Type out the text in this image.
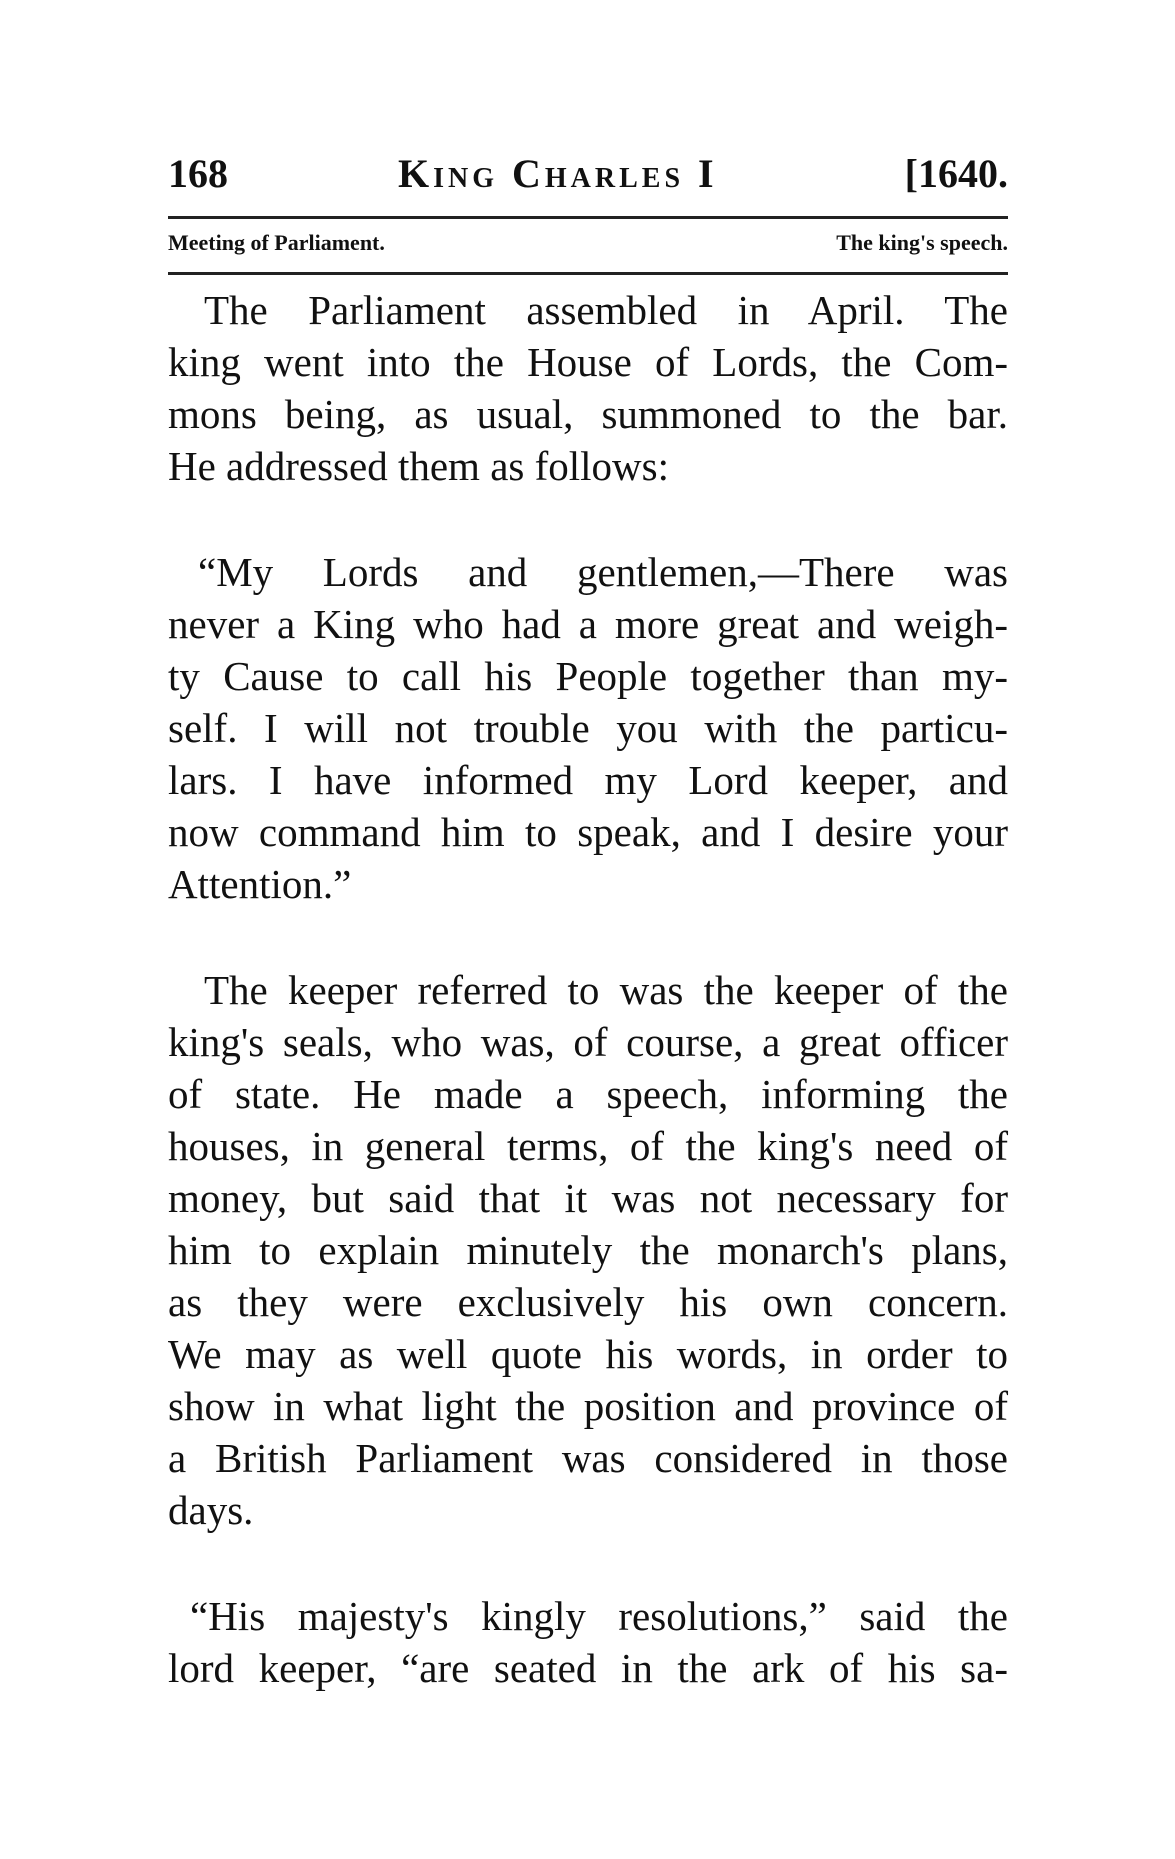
168	King Charles I	[1640.
Meeting of Parliament.	The king's speech.
The Parliament assembled in April. The
king went into the House of Lords, the Com-
mons being, as usual, summoned to the bar.
He addressed them as follows:
“My Lords and gentlemen,—There was
never a King who had a more great and weigh-
ty Cause to call his People together than my-
self. I will not trouble you with the particu-
lars. I have informed my Lord keeper, and
now command him to speak, and I desire your
Attention.”
The keeper referred to was the keeper of the
king's seals, who was, of course, a great officer
of state. He made a speech, informing the
houses, in general terms, of the king's need of
money, but said that it was not necessary for
him to explain minutely the monarch's plans,
as they were exclusively his own concern.
We may as well quote his words, in order to
show in what light the position and province of
a British Parliament was considered in those
days.
“His majesty's kingly resolutions,” said the
lord keeper, “are seated in the ark of his sa-
